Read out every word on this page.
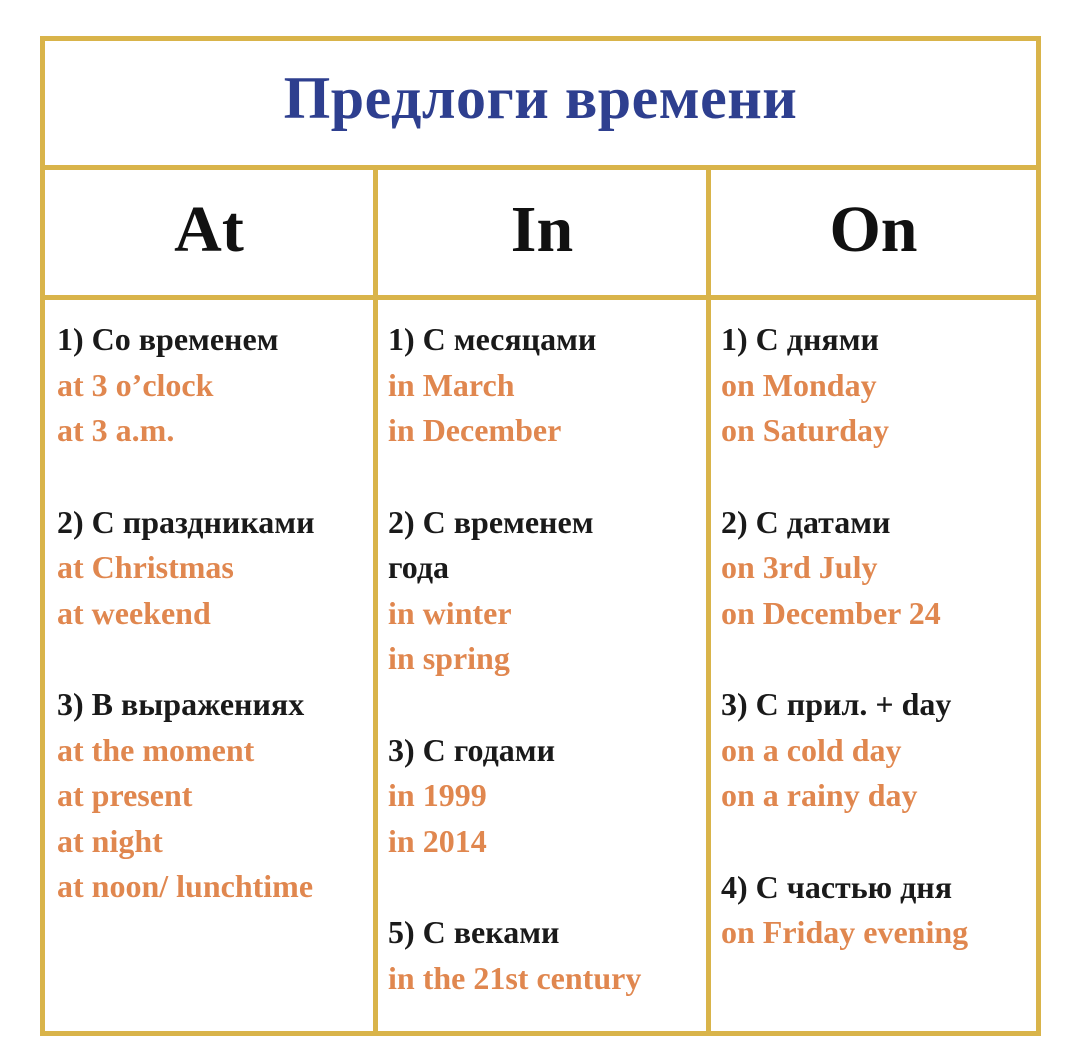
Предлоги времени
At	In	On
1) Со временем
at 3 o’clock
at 3 a.m.
2) С праздниками
at Christmas
at weekend
3) В выражениях
at the moment
at present
at night
at noon/ lunchtime
1) С месяцами
in March
in December
2) С временем
года
in winter
in spring
3) С годами
in 1999
in 2014
5) С веками
in the 21st century
1) С днями
on Monday
on Saturday
2) С датами
on 3rd July
on December 24
3) С прил. + day
on a cold day
on a rainy day
4) С частью дня
on Friday evening
